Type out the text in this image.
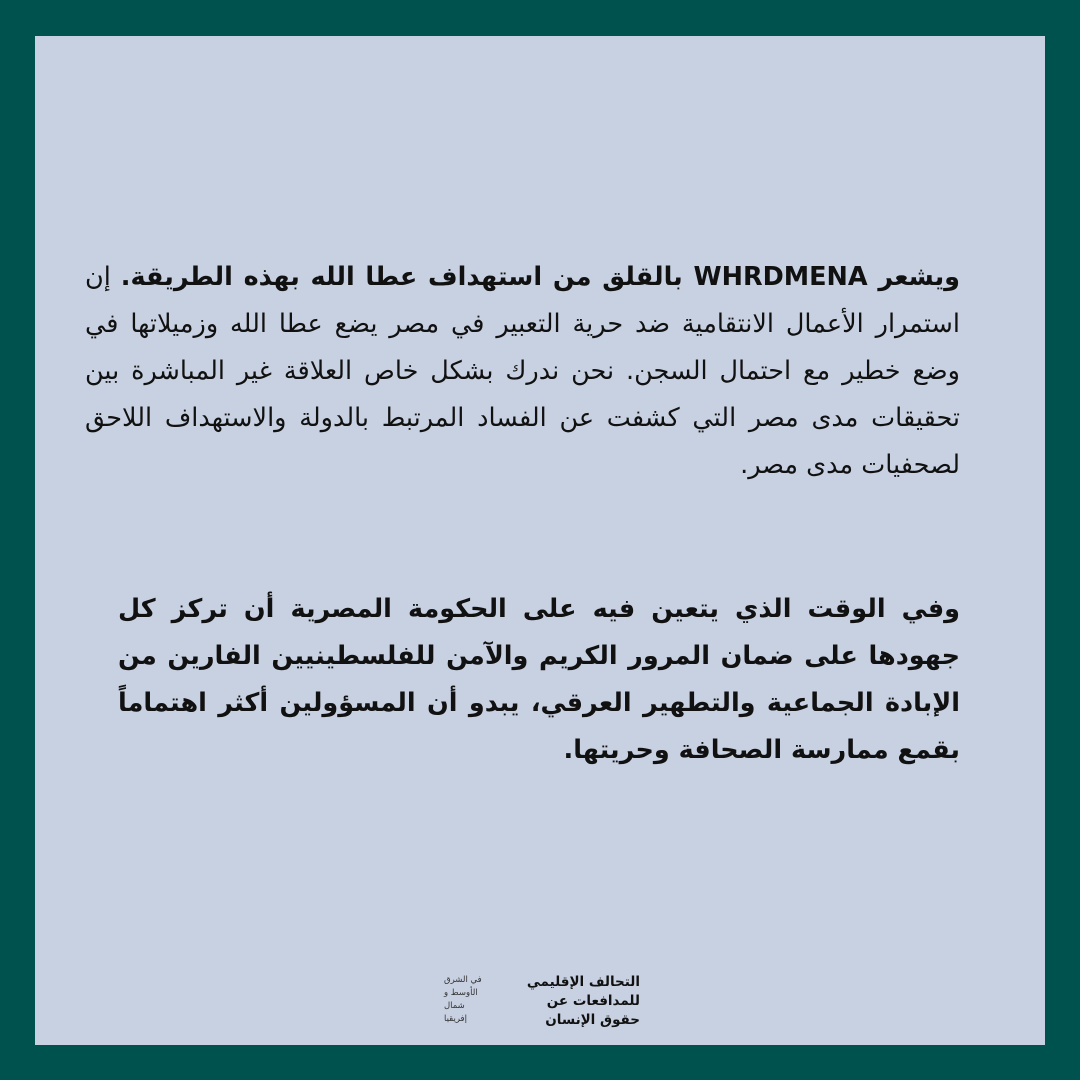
ويشعر WHRDMENA بالقلق من استهداف عطا الله بهذه الطريقة. إن استمرار الأعمال الانتقامية ضد حرية التعبير في مصر يضع عطا الله وزميلاتها في وضع خطير مع احتمال السجن. نحن ندرك بشكل خاص العلاقة غير المباشرة بين تحقيقات مدى مصر التي كشفت عن الفساد المرتبط بالدولة والاستهداف اللاحق لصحفيات مدى مصر.
وفي الوقت الذي يتعين فيه على الحكومة المصرية أن تركز كل جهودها على ضمان المرور الكريم والآمن للفلسطينيين الفارين من الإبادة الجماعية والتطهير العرقي، يبدو أن المسؤولين أكثر اهتماماً بقمع ممارسة الصحافة وحريتها.
التحالف الإقليمي
للمدافعات عن
حقوق الإنسان
في الشرق
الأوسط و
شمال
إفريقيا
